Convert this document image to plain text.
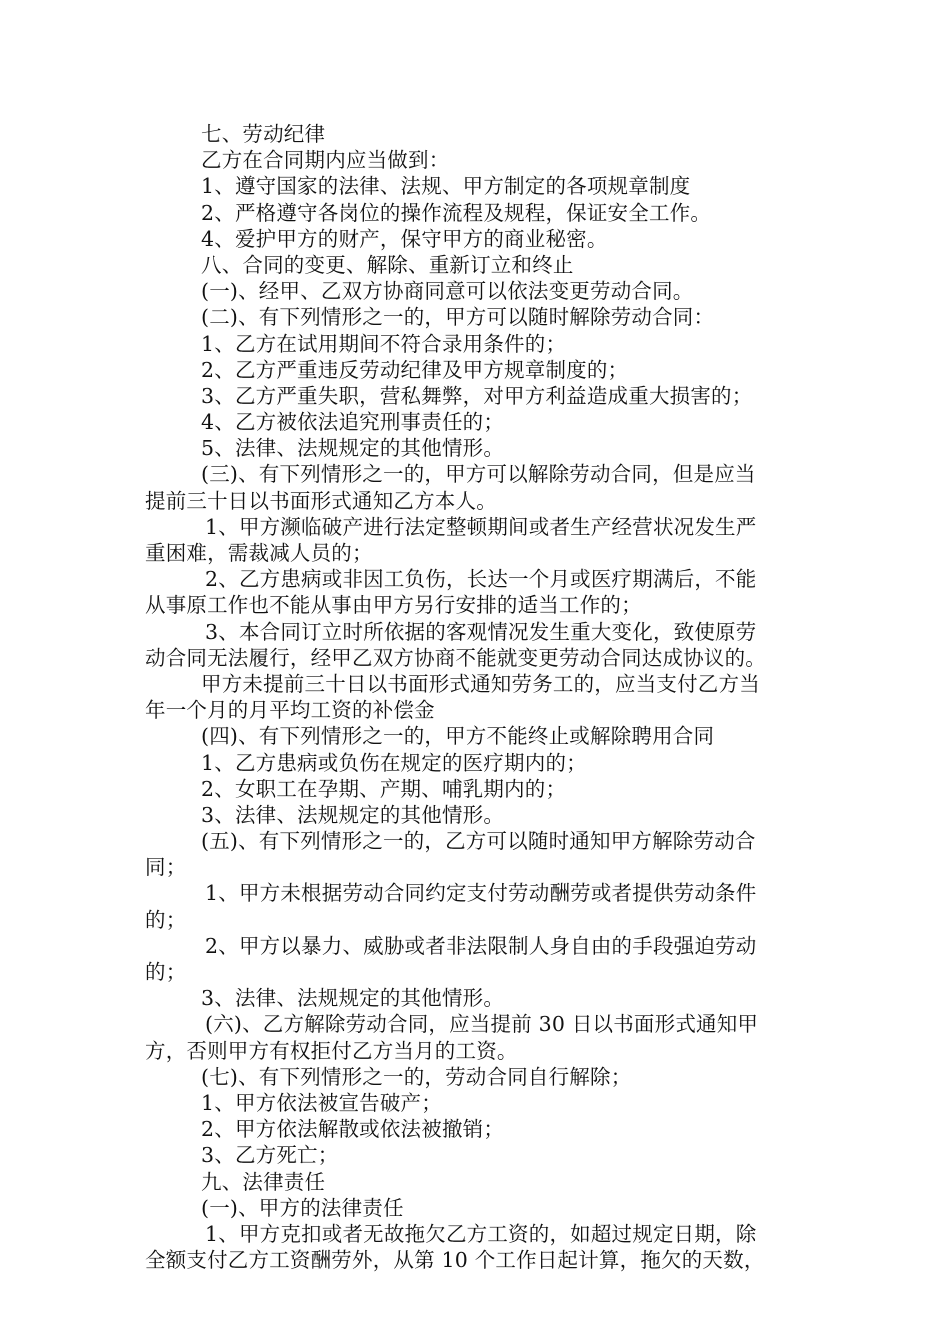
七、劳动纪律
乙方在合同期内应当做到：
1、遵守国家的法律、法规、甲方制定的各项规章制度
2、严格遵守各岗位的操作流程及规程，保证安全工作。
4、爱护甲方的财产，保守甲方的商业秘密。
八、合同的变更、解除、重新订立和终止
(一)、经甲、乙双方协商同意可以依法变更劳动合同。
(二)、有下列情形之一的，甲方可以随时解除劳动合同：
1、乙方在试用期间不符合录用条件的；
2、乙方严重违反劳动纪律及甲方规章制度的；
3、乙方严重失职，营私舞弊，对甲方利益造成重大损害的；
4、乙方被依法追究刑事责任的；
5、法律、法规规定的其他情形。
(三)、有下列情形之一的，甲方可以解除劳动合同，但是应当
提前三十日以书面形式通知乙方本人。
1、甲方濒临破产进行法定整顿期间或者生产经营状况发生严
重困难，需裁减人员的；
2、乙方患病或非因工负伤，长达一个月或医疗期满后，不能
从事原工作也不能从事由甲方另行安排的适当工作的；
3、本合同订立时所依据的客观情况发生重大变化，致使原劳
动合同无法履行，经甲乙双方协商不能就变更劳动合同达成协议的。
甲方未提前三十日以书面形式通知劳务工的，应当支付乙方当
年一个月的月平均工资的补偿金
(四)、有下列情形之一的，甲方不能终止或解除聘用合同
1、乙方患病或负伤在规定的医疗期内的；
2、女职工在孕期、产期、哺乳期内的；
3、法律、法规规定的其他情形。
(五)、有下列情形之一的，乙方可以随时通知甲方解除劳动合
同；
1、甲方未根据劳动合同约定支付劳动酬劳或者提供劳动条件
的；
2、甲方以暴力、威胁或者非法限制人身自由的手段强迫劳动
的；
3、法律、法规规定的其他情形。
(六)、乙方解除劳动合同，应当提前 30 日以书面形式通知甲
方，否则甲方有权拒付乙方当月的工资。
(七)、有下列情形之一的，劳动合同自行解除；
1、甲方依法被宣告破产；
2、甲方依法解散或依法被撤销；
3、乙方死亡；
九、法律责任
(一)、甲方的法律责任
1、甲方克扣或者无故拖欠乙方工资的，如超过规定日期，除
全额支付乙方工资酬劳外，从第 10 个工作日起计算，拖欠的天数，
